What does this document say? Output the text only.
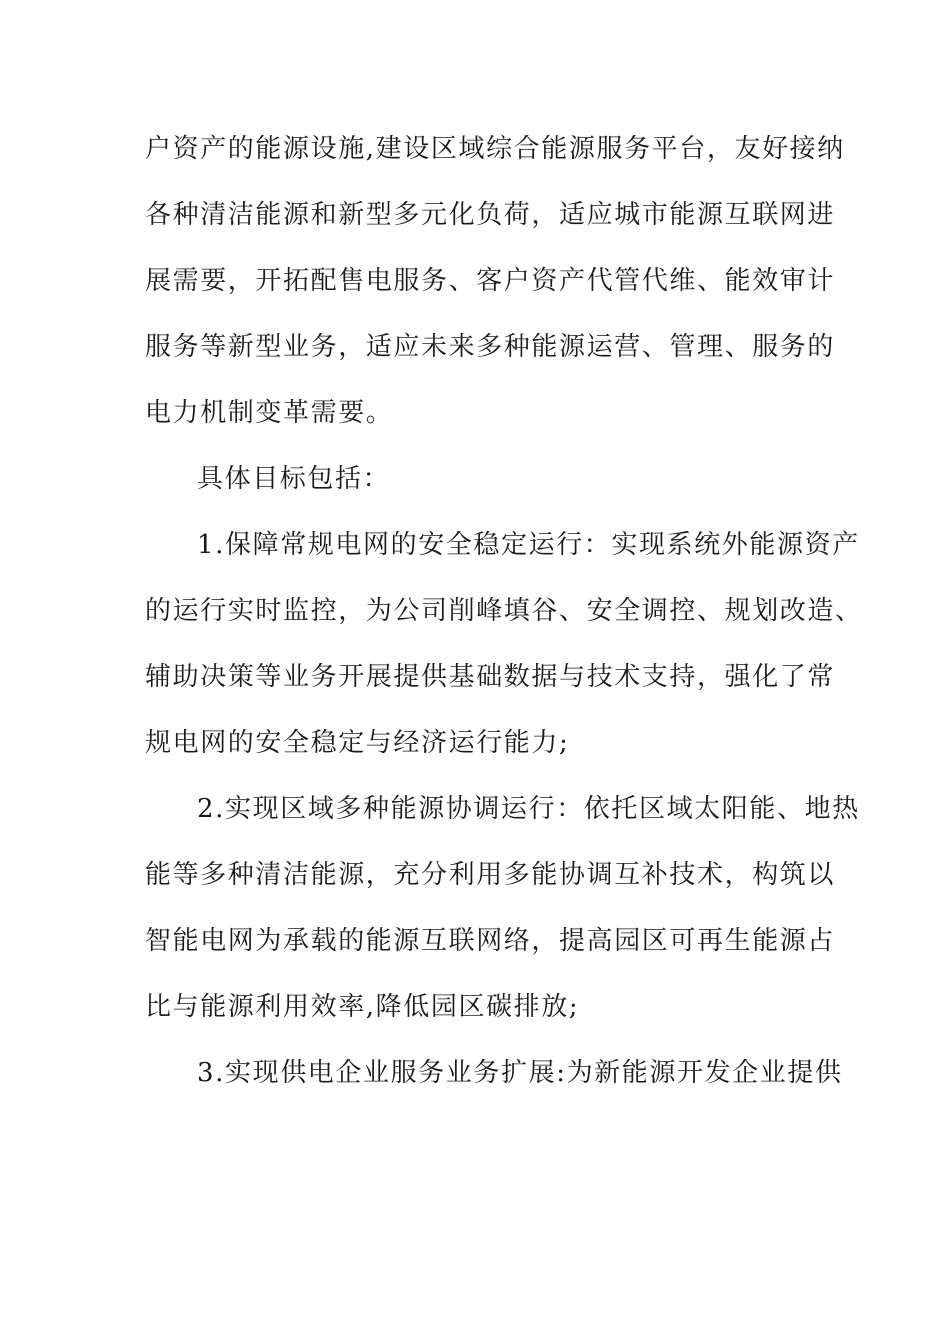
户资产的能源设施,建设区域综合能源服务平台，友好接纳
各种清洁能源和新型多元化负荷，适应城市能源互联网进
展需要，开拓配售电服务、客户资产代管代维、能效审计
服务等新型业务，适应未来多种能源运营、管理、服务的
电力机制变革需要。
具体目标包括：
1.保障常规电网的安全稳定运行：实现系统外能源资产
的运行实时监控，为公司削峰填谷、安全调控、规划改造、
辅助决策等业务开展提供基础数据与技术支持，强化了常
规电网的安全稳定与经济运行能力;
2.实现区域多种能源协调运行：依托区域太阳能、地热
能等多种清洁能源，充分利用多能协调互补技术，构筑以
智能电网为承载的能源互联网络，提高园区可再生能源占
比与能源利用效率,降低园区碳排放;
3.实现供电企业服务业务扩展:为新能源开发企业提供
